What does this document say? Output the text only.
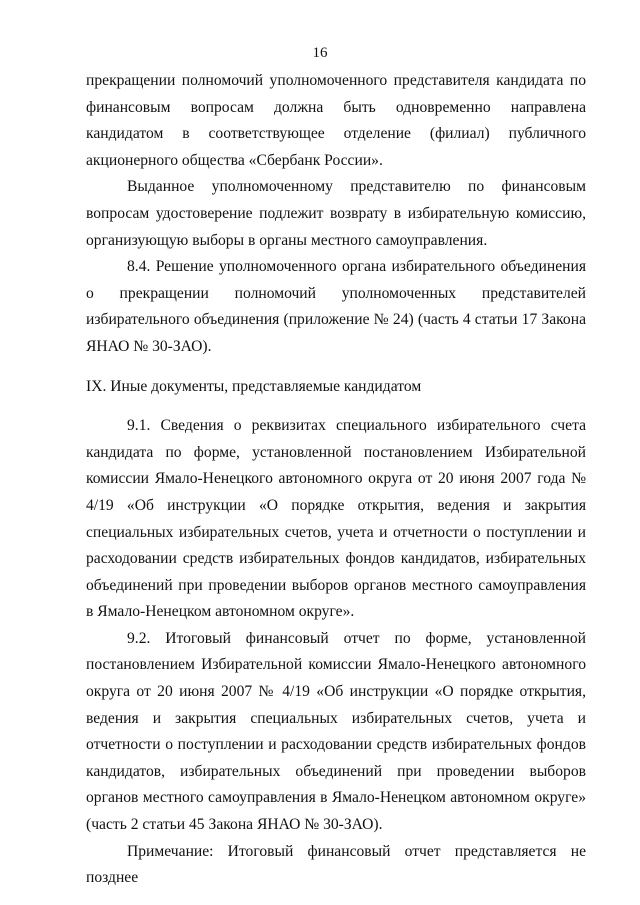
16

прекращении полномочий уполномоченного представителя кандидата по финансовым вопросам должна быть одновременно направлена кандидатом в соответствующее отделение (филиал) публичного акционерного общества «Сбербанк России».

Выданное уполномоченному представителю по финансовым вопросам удостоверение подлежит возврату в избирательную комиссию, организующую выборы в органы местного самоуправления.

8.4. Решение уполномоченного органа избирательного объединения о прекращении полномочий уполномоченных представителей избирательного объединения (приложение № 24) (часть 4 статьи 17 Закона ЯНАО № 30-ЗАО).

IX. Иные документы, представляемые кандидатом

9.1. Сведения о реквизитах специального избирательного счета кандидата по форме, установленной постановлением Избирательной комиссии Ямало-Ненецкого автономного округа от 20 июня 2007 года № 4/19 «Об инструкции «О порядке открытия, ведения и закрытия специальных избирательных счетов, учета и отчетности о поступлении и расходовании средств избирательных фондов кандидатов, избирательных объединений при проведении выборов органов местного самоуправления в Ямало-Ненецком автономном округе».

9.2. Итоговый финансовый отчет по форме, установленной постановлением Избирательной комиссии Ямало-Ненецкого автономного округа от 20 июня 2007 № 4/19 «Об инструкции «О порядке открытия, ведения и закрытия специальных избирательных счетов, учета и отчетности о поступлении и расходовании средств избирательных фондов кандидатов, избирательных объединений при проведении выборов органов местного самоуправления в Ямало-Ненецком автономном округе» (часть 2 статьи 45 Закона ЯНАО № 30-ЗАО).

Примечание: Итоговый финансовый отчет представляется не позднее
